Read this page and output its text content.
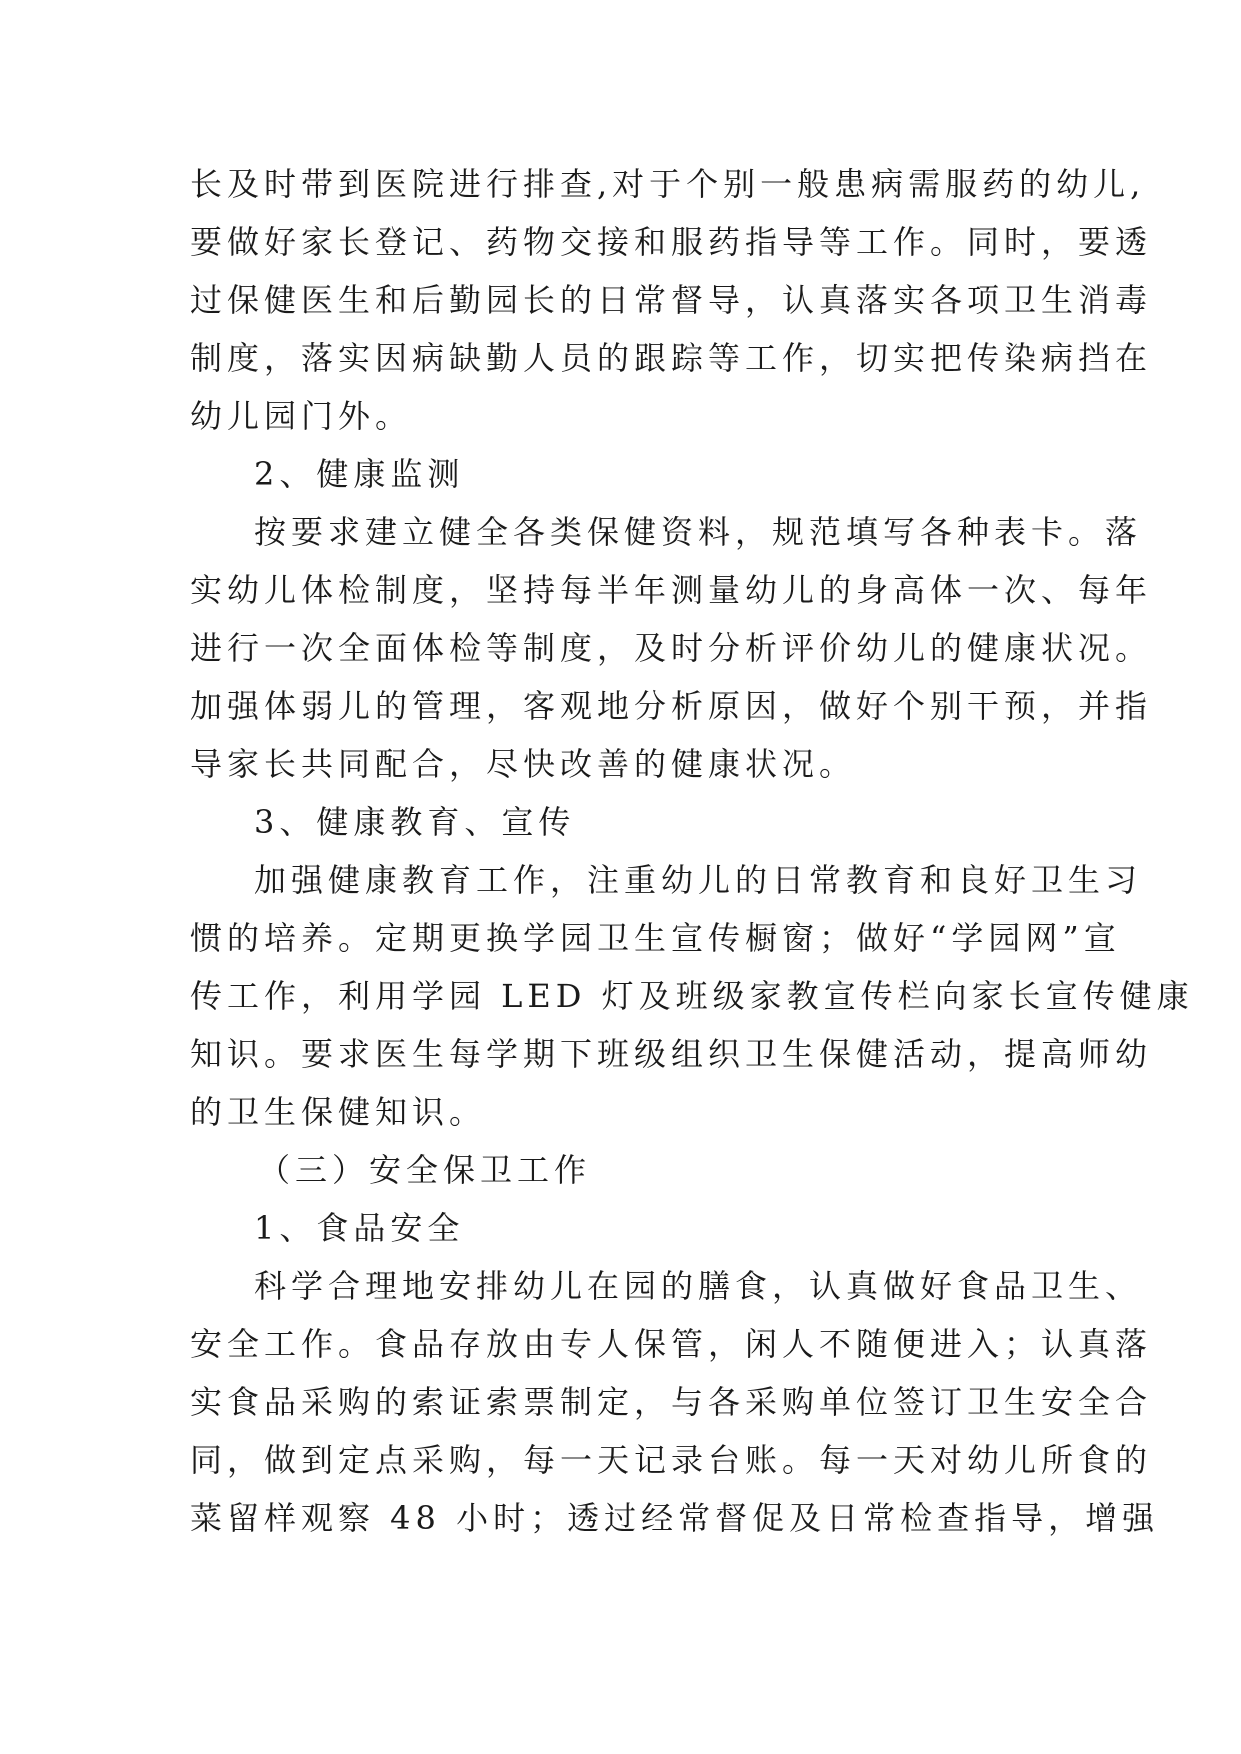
长及时带到医院进行排查,对于个别一般患病需服药的幼儿,

要做好家长登记、药物交接和服药指导等工作。同时，要透

过保健医生和后勤园长的日常督导，认真落实各项卫生消毒

制度，落实因病缺勤人员的跟踪等工作，切实把传染病挡在

幼儿园门外。

2、健康监测

按要求建立健全各类保健资料，规范填写各种表卡。落

实幼儿体检制度，坚持每半年测量幼儿的身高体一次、每年

进行一次全面体检等制度，及时分析评价幼儿的健康状况。

加强体弱儿的管理，客观地分析原因，做好个别干预，并指

导家长共同配合，尽快改善的健康状况。

3、健康教育、宣传

加强健康教育工作，注重幼儿的日常教育和良好卫生习

惯的培养。定期更换学园卫生宣传橱窗；做好“学园网”宣

传工作，利用学园 LED 灯及班级家教宣传栏向家长宣传健康

知识。要求医生每学期下班级组织卫生保健活动，提高师幼

的卫生保健知识。

（三）安全保卫工作

1、食品安全

科学合理地安排幼儿在园的膳食，认真做好食品卫生、

安全工作。食品存放由专人保管，闲人不随便进入；认真落

实食品采购的索证索票制定，与各采购单位签订卫生安全合

同，做到定点采购，每一天记录台账。每一天对幼儿所食的

菜留样观察 48 小时；透过经常督促及日常检查指导，增强
